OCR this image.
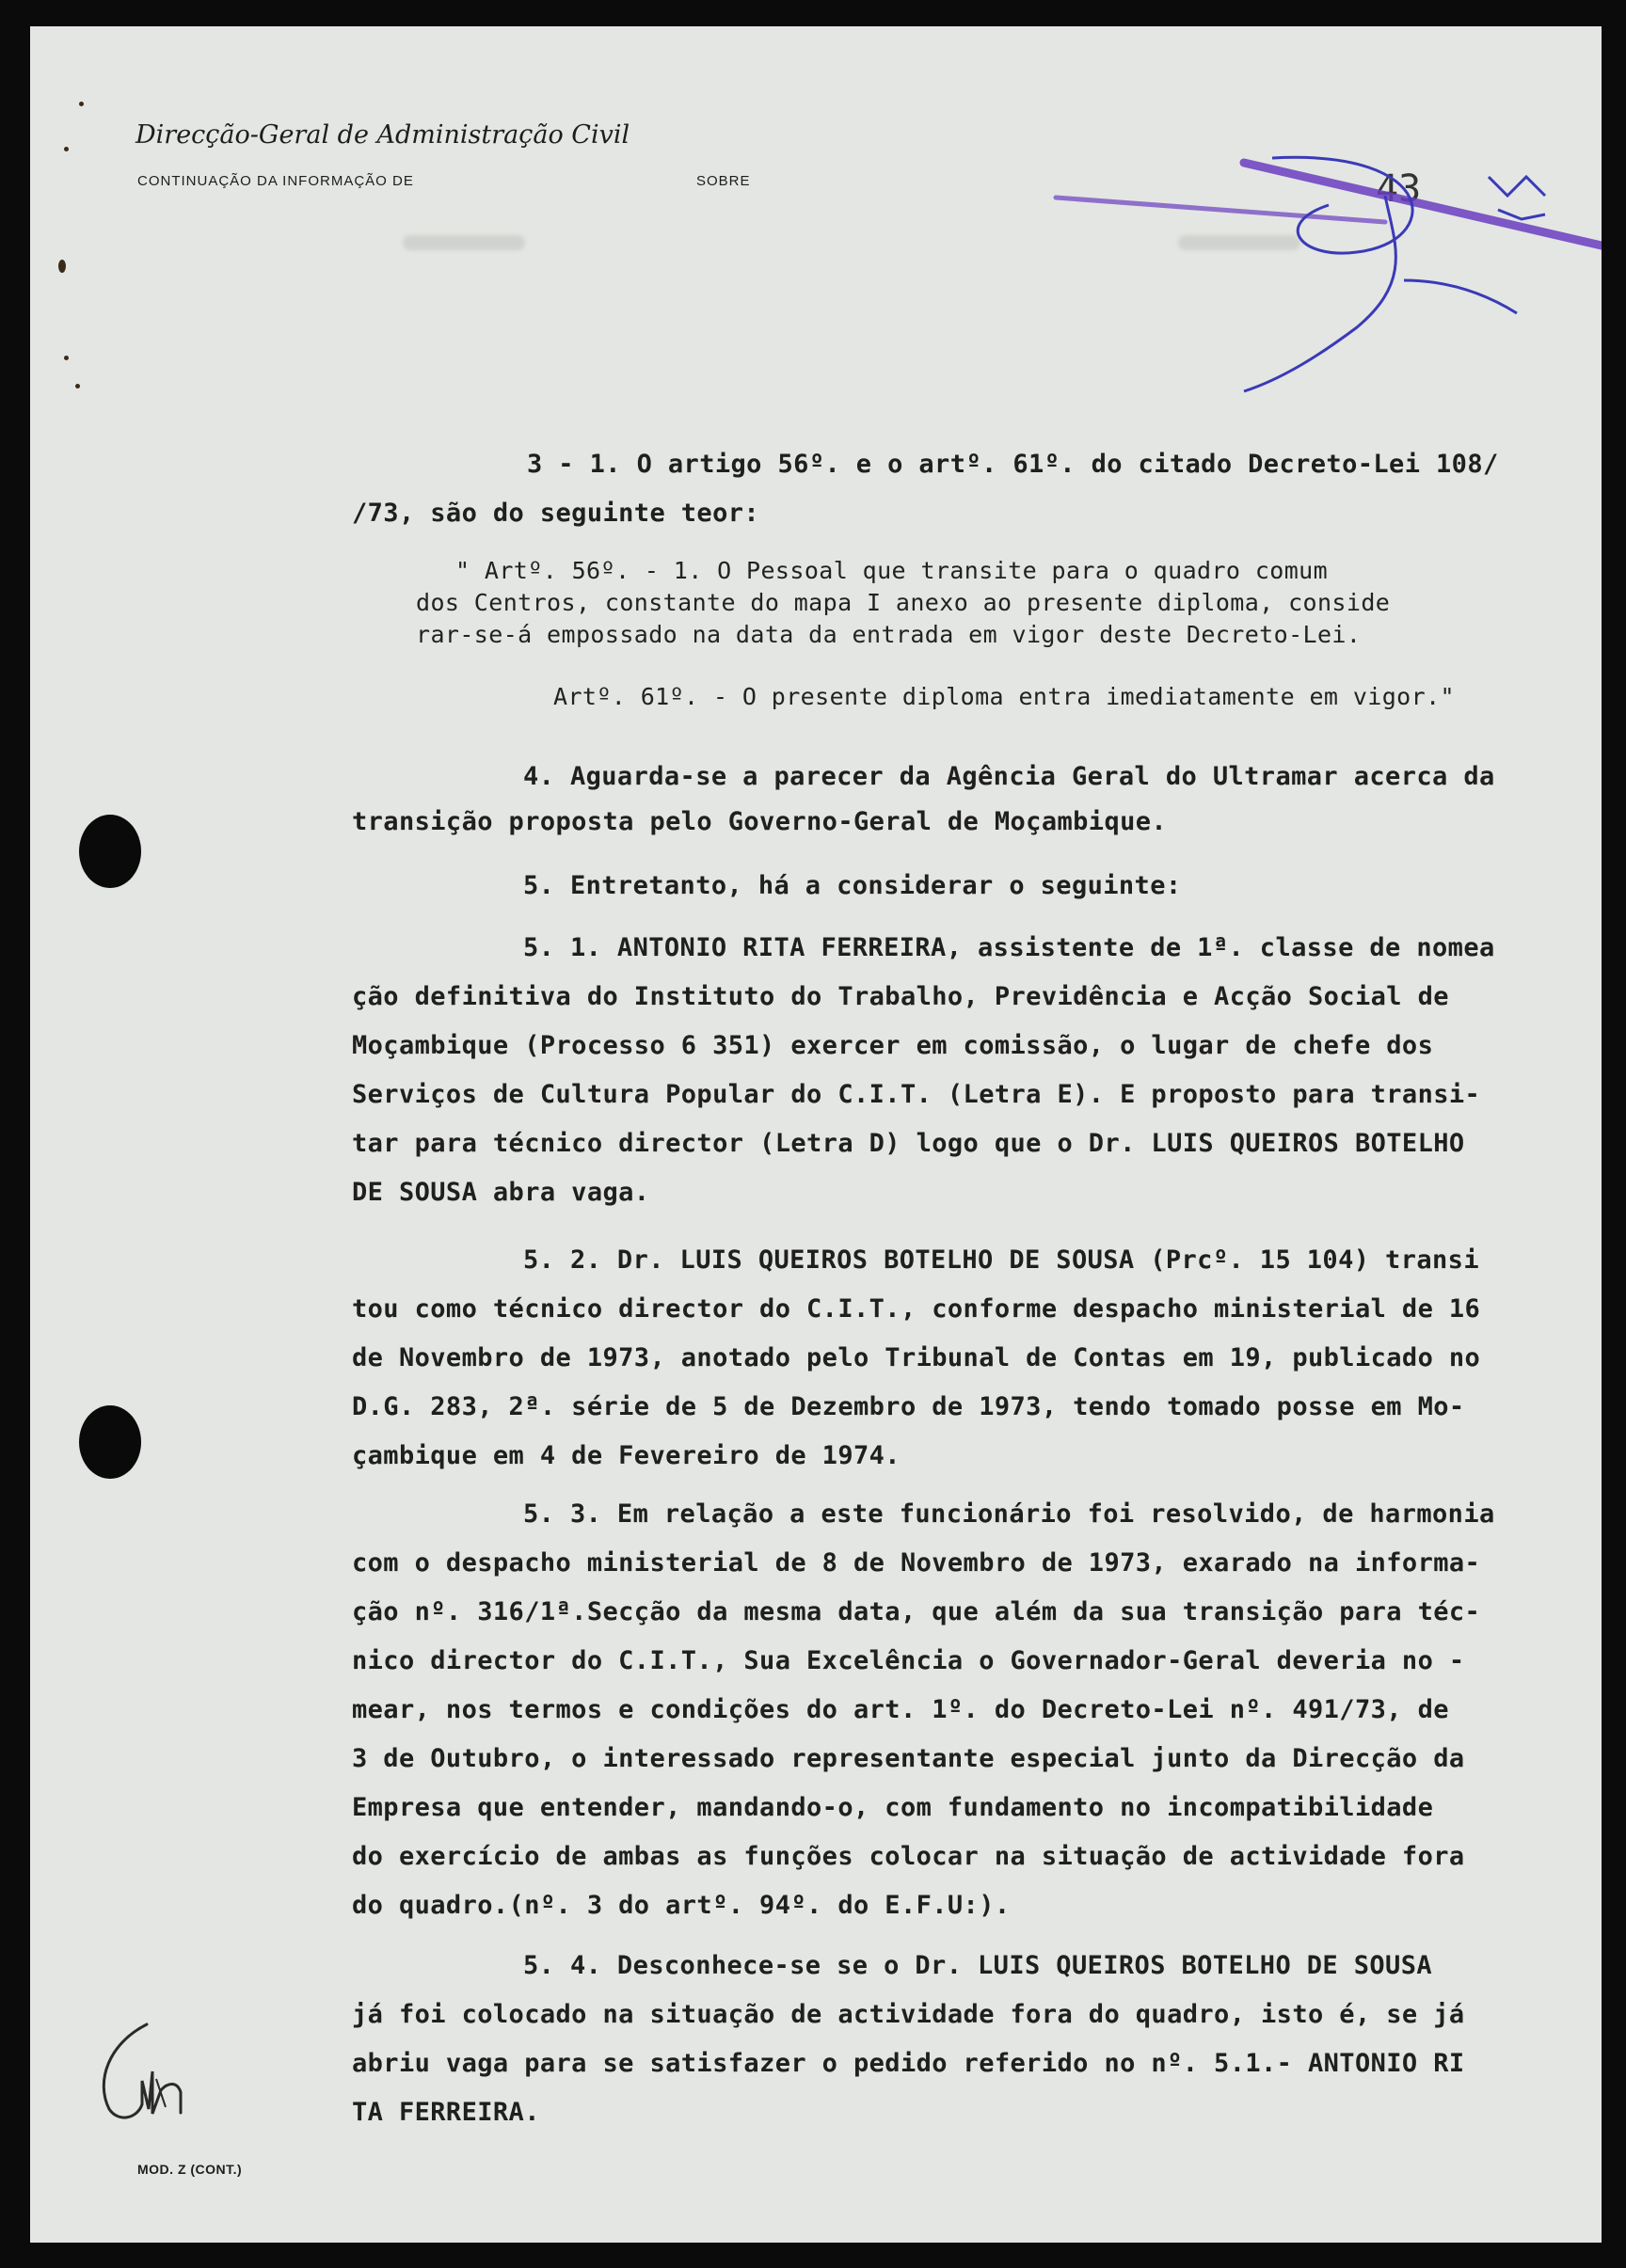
Direcção-Geral de Administração Civil
CONTINUAÇÃO DA INFORMAÇÃO DE	SOBRE	43
3 - 1. O artigo 56º. e o artº. 61º. do citado Decreto-Lei 108/
/73, são do seguinte teor:
" Artº. 56º. - 1. O Pessoal que transite para o quadro comum
dos Centros, constante do mapa I anexo ao presente diploma, conside
rar-se-á empossado na data da entrada em vigor deste Decreto-Lei.
Artº. 61º. - O presente diploma entra imediatamente em vigor."
4. Aguarda-se a parecer da Agência Geral do Ultramar acerca da
transição proposta pelo Governo-Geral de Moçambique.
5. Entretanto, há a considerar o seguinte:
5. 1. ANTONIO RITA FERREIRA, assistente de 1ª. classe de nomea
ção definitiva do Instituto do Trabalho, Previdência e Acção Social de
Moçambique (Processo 6 351) exercer em comissão, o lugar de chefe dos
Serviços de Cultura Popular do C.I.T. (Letra E). E proposto para transi-
tar para técnico director (Letra D) logo que o Dr. LUIS QUEIROS BOTELHO
DE SOUSA abra vaga.
5. 2. Dr. LUIS QUEIROS BOTELHO DE SOUSA (Prcº. 15 104) transi
tou como técnico director do C.I.T., conforme despacho ministerial de 16
de Novembro de 1973, anotado pelo Tribunal de Contas em 19, publicado no
D.G. 283, 2ª. série de 5 de Dezembro de 1973, tendo tomado posse em Mo-
çambique em 4 de Fevereiro de 1974.
5. 3. Em relação a este funcionário foi resolvido, de harmonia
com o despacho ministerial de 8 de Novembro de 1973, exarado na informa-
ção nº. 316/1ª.Secção da mesma data, que além da sua transição para téc-
nico director do C.I.T., Sua Excelência o Governador-Geral deveria no -
mear, nos termos e condições do art. 1º. do Decreto-Lei nº. 491/73, de
3 de Outubro, o interessado representante especial junto da Direcção da
Empresa que entender, mandando-o, com fundamento no incompatibilidade
do exercício de ambas as funções colocar na situação de actividade fora
do quadro.(nº. 3 do artº. 94º. do E.F.U:).
5. 4. Desconhece-se se o Dr. LUIS QUEIROS BOTELHO DE SOUSA
já foi colocado na situação de actividade fora do quadro, isto é, se já
abriu vaga para se satisfazer o pedido referido no nº. 5.1.- ANTONIO RI
TA FERREIRA.
MOD. Z (CONT.)
